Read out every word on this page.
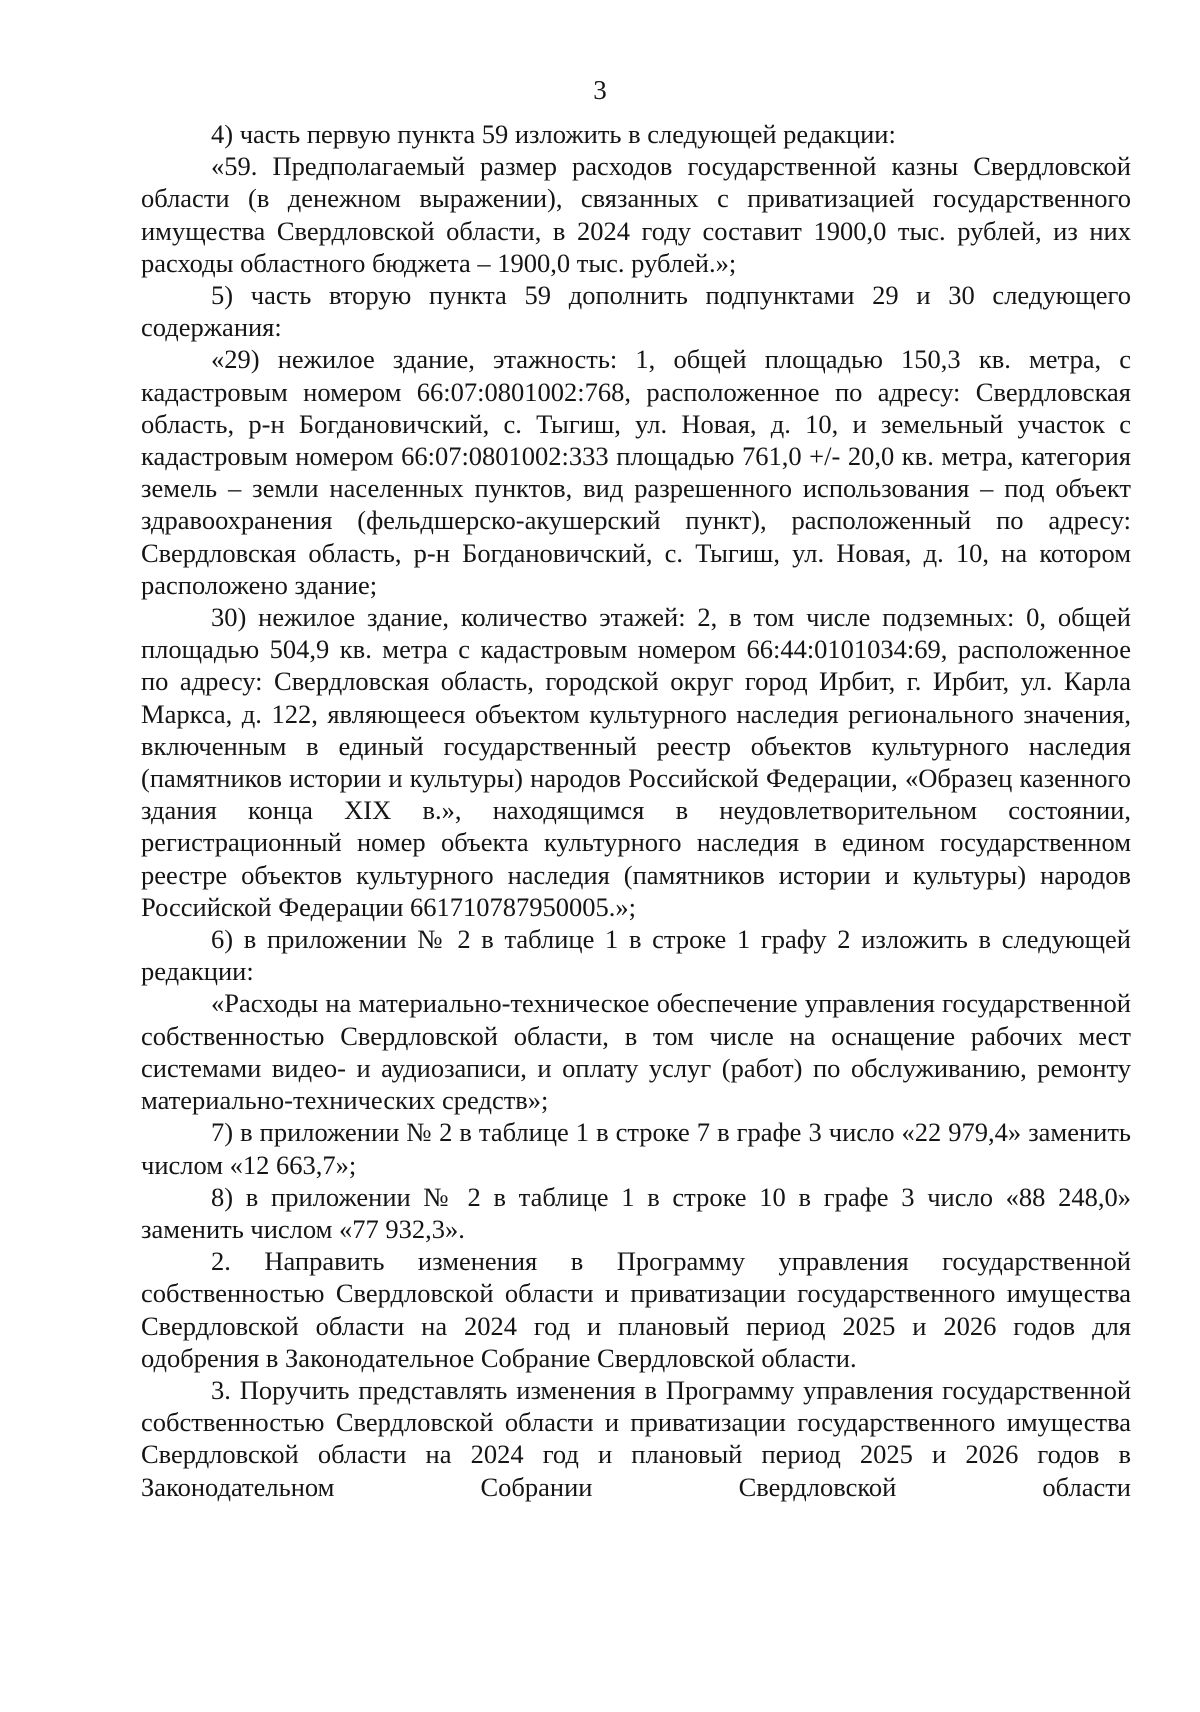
3

4) часть первую пункта 59 изложить в следующей редакции:

«59. Предполагаемый размер расходов государственной казны Свердловской области (в денежном выражении), связанных с приватизацией государственного имущества Свердловской области, в 2024 году составит 1900,0 тыс. рублей, из них расходы областного бюджета – 1900,0 тыс. рублей.»;

5) часть вторую пункта 59 дополнить подпунктами 29 и 30 следующего содержания:

«29) нежилое здание, этажность: 1, общей площадью 150,3 кв. метра, с кадастровым номером 66:07:0801002:768, расположенное по адресу: Свердловская область, р-н Богдановичский, с. Тыгиш, ул. Новая, д. 10, и земельный участок с кадастровым номером 66:07:0801002:333 площадью 761,0 +/- 20,0 кв. метра, категория земель – земли населенных пунктов, вид разрешенного использования – под объект здравоохранения (фельдшерско-акушерский пункт), расположенный по адресу: Свердловская область, р-н Богдановичский, с. Тыгиш, ул. Новая, д. 10, на котором расположено здание;

30) нежилое здание, количество этажей: 2, в том числе подземных: 0, общей площадью 504,9 кв. метра с кадастровым номером 66:44:0101034:69, расположенное по адресу: Свердловская область, городской округ город Ирбит, г. Ирбит, ул. Карла Маркса, д. 122, являющееся объектом культурного наследия регионального значения, включенным в единый государственный реестр объектов культурного наследия (памятников истории и культуры) народов Российской Федерации, «Образец казенного здания конца XIX в.», находящимся в неудовлетворительном состоянии, регистрационный номер объекта культурного наследия в едином государственном реестре объектов культурного наследия (памятников истории и культуры) народов Российской Федерации 661710787950005.»;

6) в приложении № 2 в таблице 1 в строке 1 графу 2 изложить в следующей редакции:

«Расходы на материально-техническое обеспечение управления государственной собственностью Свердловской области, в том числе на оснащение рабочих мест системами видео- и аудиозаписи, и оплату услуг (работ) по обслуживанию, ремонту материально-технических средств»;

7) в приложении № 2 в таблице 1 в строке 7 в графе 3 число «22 979,4» заменить числом «12 663,7»;

8) в приложении № 2 в таблице 1 в строке 10 в графе 3 число «88 248,0» заменить числом «77 932,3».

2. Направить изменения в Программу управления государственной собственностью Свердловской области и приватизации государственного имущества Свердловской области на 2024 год и плановый период 2025 и 2026 годов для одобрения в Законодательное Собрание Свердловской области.

3. Поручить представлять изменения в Программу управления государственной собственностью Свердловской области и приватизации государственного имущества Свердловской области на 2024 год и плановый период 2025 и 2026 годов в Законодательном Собрании Свердловской области
